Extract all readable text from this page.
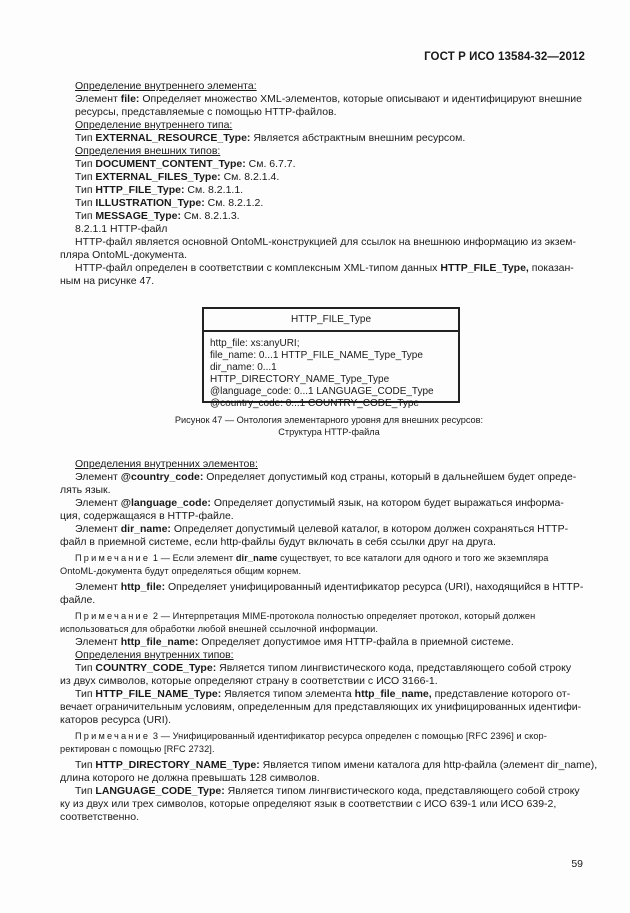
ГОСТ Р ИСО 13584-32—2012
Определение внутреннего элемента:
Элемент file: Определяет множество XML-элементов, которые описывают и идентифицируют внешние
ресурсы, представляемые с помощью HTTP-файлов.
Определение внутреннего типа:
Тип EXTERNAL_RESOURCE_Type: Является абстрактным внешним ресурсом.
Определения внешних типов:
Тип DOCUMENT_CONTENT_Type: См. 6.7.7.
Тип EXTERNAL_FILES_Type: См. 8.2.1.4.
Тип HTTP_FILE_Type: См. 8.2.1.1.
Тип ILLUSTRATION_Type: См. 8.2.1.2.
Тип MESSAGE_Type: См. 8.2.1.3.
8.2.1.1 HTTP-файл
HTTP-файл является основной OntoML-конструкцией для ссылок на внешнюю информацию из экзем-
пляра OntoML-документа.
HTTP-файл определен в соответствии с комплексным XML-типом данных HTTP_FILE_Type, показан-
ным на рисунке 47.
HTTP_FILE_Type
http_file: xs:anyURI;
file_name: 0...1 HTTP_FILE_NAME_Type_Type
dir_name: 0...1 HTTP_DIRECTORY_NAME_Type_Type
@language_code: 0...1 LANGUAGE_CODE_Type
@country_code: 0...1 COUNTRY_CODE_Type
Рисунок 47 — Онтология элементарного уровня для внешних ресурсов:
Структура HTTP-файла
Определения внутренних элементов:
Элемент @country_code: Определяет допустимый код страны, который в дальнейшем будет опреде-
лять язык.
Элемент @language_code: Определяет допустимый язык, на котором будет выражаться информа-
ция, содержащаяся в HTTP-файле.
Элемент dir_name: Определяет допустимый целевой каталог, в котором должен сохраняться HTTP-
файл в приемной системе, если http-файлы будут включать в себя ссылки друг на друга.
Примечание 1 — Если элемент dir_name существует, то все каталоги для одного и того же экземпляра
OntoML-документа будут определяться общим корнем.
Элемент http_file: Определяет унифицированный идентификатор ресурса (URI), находящийся в HTTP-
файле.
Примечание 2 — Интерпретация MIME-протокола полностью определяет протокол, который должен
использоваться для обработки любой внешней ссылочной информации.
Элемент http_file_name: Определяет допустимое имя HTTP-файла в приемной системе.
Определения внутренних типов:
Тип COUNTRY_CODE_Type: Является типом лингвистического кода, представляющего собой строку
из двух символов, которые определяют страну в соответствии с ИСО 3166-1.
Тип HTTP_FILE_NAME_Type: Является типом элемента http_file_name, представление которого от-
вечает ограничительным условиям, определенным для представляющих их унифицированных идентифи-
каторов ресурса (URI).
Примечание 3 — Унифицированный идентификатор ресурса определен с помощью [RFC 2396] и скор-
ректирован с помощью [RFC 2732].
Тип HTTP_DIRECTORY_NAME_Type: Является типом имени каталога для http-файла (элемент dir_name),
длина которого не должна превышать 128 символов.
Тип LANGUAGE_CODE_Type: Является типом лингвистического кода, представляющего собой строку
ку из двух или трех символов, которые определяют язык в соответствии с ИСО 639-1 или ИСО 639-2,
соответственно.
59
